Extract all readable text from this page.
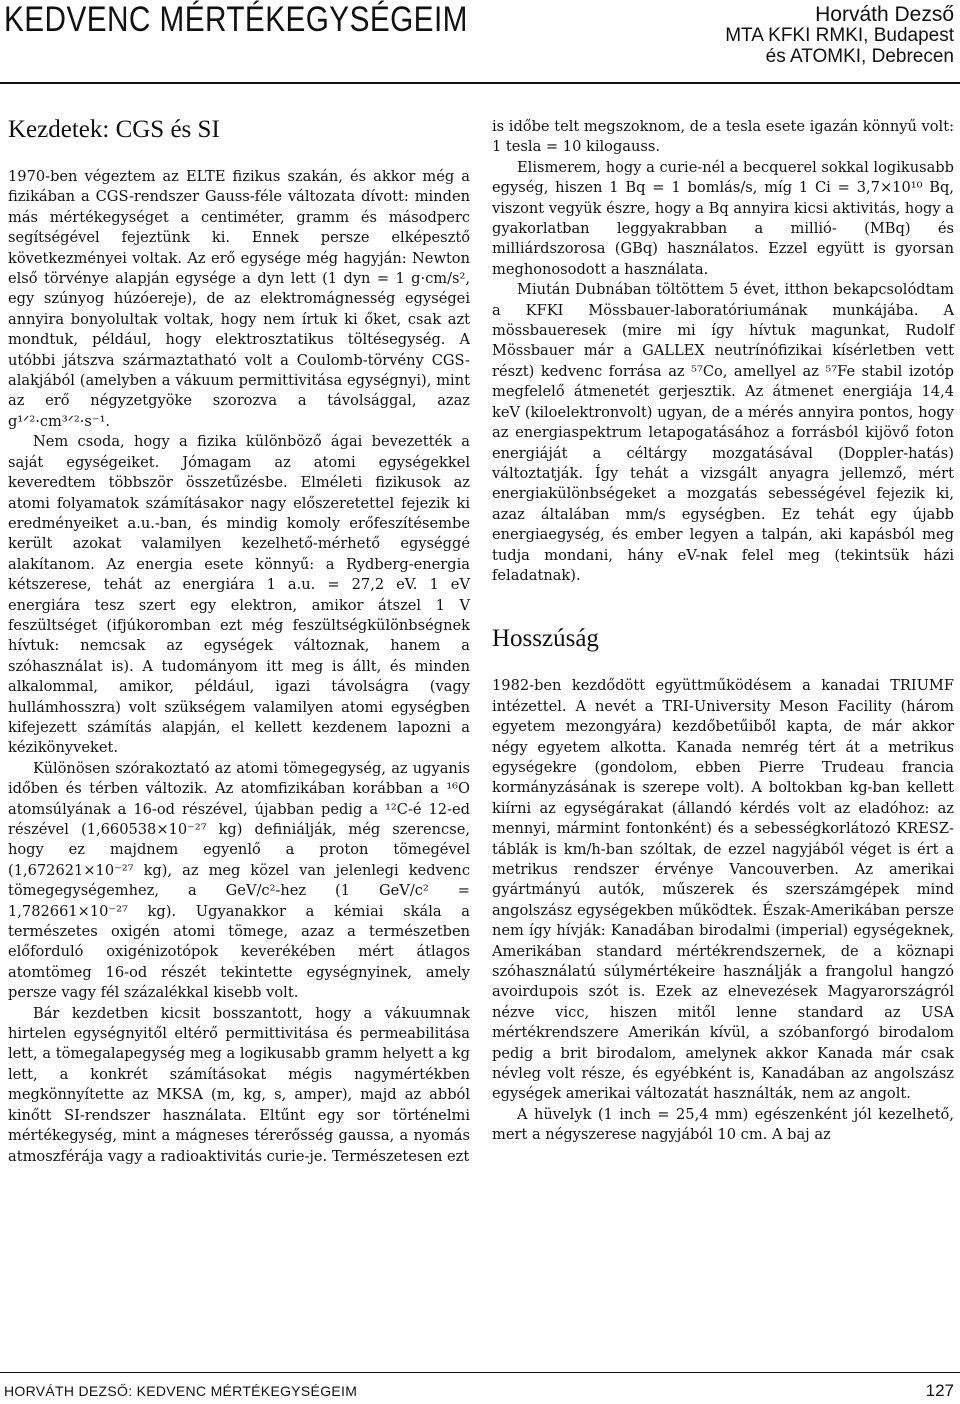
KEDVENC MÉRTÉKEGYSÉGEIM	Horváth Dezső
MTA KFKI RMKI, Budapest
és ATOMKI, Debrecen
Kezdetek: CGS és SI

1970-ben végeztem az ELTE fizikus szakán, és akkor még a fizikában a CGS-rendszer Gauss-féle változata dívott: minden más mértékegységet a centiméter, gramm és másodperc segítségével fejeztünk ki. Ennek persze elképesztő következményei voltak. Az erő egysége még hagyján: Newton első törvénye alapján egysége a dyn lett (1 dyn = 1 g·cm/s², egy szúnyog húzóereje), de az elektromágnesség egységei annyira bonyolultak voltak, hogy nem írtuk ki őket, csak azt mondtuk, például, hogy elektrosztatikus töltésegység. A utóbbi játszva származtatható volt a Coulomb-törvény CGS-alakjából (amelyben a vákuum permittivitása egységnyi), mint az erő négyzetgyöke szorozva a távolsággal, azaz g¹ᐟ²·cm³ᐟ²·s⁻¹.

Nem csoda, hogy a fizika különböző ágai bevezették a saját egységeiket. Jómagam az atomi egységekkel keveredtem többször összetűzésbe. Elméleti fizikusok az atomi folyamatok számításakor nagy előszeretettel fejezik ki eredményeiket a.u.-ban, és mindig komoly erőfeszítésembe került azokat valamilyen kezelhető-mérhető egységgé alakítanom. Az energia esete könnyű: a Rydberg-energia kétszerese, tehát az energiára 1 a.u. = 27,2 eV. 1 eV energiára tesz szert egy elektron, amikor átszel 1 V feszültséget (ifjúkoromban ezt még feszültségkülönbségnek hívtuk: nemcsak az egységek változnak, hanem a szóhasználat is). A tudományom itt meg is állt, és minden alkalommal, amikor, például, igazi távolságra (vagy hullámhosszra) volt szükségem valamilyen atomi egységben kifejezett számítás alapján, el kellett kezdenem lapozni a kézikönyveket.

Különösen szórakoztató az atomi tömegegység, az ugyanis időben és térben változik. Az atomfizikában korábban a ¹⁶O atomsúlyának a 16-od részével, újabban pedig a ¹²C-é 12-ed részével (1,660538×10⁻²⁷ kg) definiálják, még szerencse, hogy ez majdnem egyenlő a proton tömegével (1,672621×10⁻²⁷ kg), az meg közel van jelenlegi kedvenc tömegegységemhez, a GeV/c²-hez (1 GeV/c² = 1,782661×10⁻²⁷ kg). Ugyanakkor a kémiai skála a természetes oxigén atomi tömege, azaz a természetben előforduló oxigénizotópok keverékében mért átlagos atomtömeg 16-od részét tekintette egységnyinek, amely persze vagy fél százalékkal kisebb volt.

Bár kezdetben kicsit bosszantott, hogy a vákuumnak hirtelen egységnyitől eltérő permittivitása és permeabilitása lett, a tömegalapegység meg a logikusabb gramm helyett a kg lett, a konkrét számításokat mégis nagymértékben megkönnyítette az MKSA (m, kg, s, amper), majd az abból kinőtt SI-rendszer használata. Eltűnt egy sor történelmi mértékegység, mint a mágneses térerősség gaussa, a nyomás atmoszférája vagy a radioaktivitás curie-je. Természetesen ezt

is időbe telt megszoknom, de a tesla esete igazán könnyű volt: 1 tesla = 10 kilogauss.

Elismerem, hogy a curie-nél a becquerel sokkal logikusabb egység, hiszen 1 Bq = 1 bomlás/s, míg 1 Ci = 3,7×10¹⁰ Bq, viszont vegyük észre, hogy a Bq annyira kicsi aktivitás, hogy a gyakorlatban leggyakrabban a millió- (MBq) és milliárdszorosa (GBq) használatos. Ezzel együtt is gyorsan meghonosodott a használata.

Miután Dubnában töltöttem 5 évet, itthon bekapcsolódtam a KFKI Mössbauer-laboratóriumának munkájába. A mössbaueresek (mire mi így hívtuk magunkat, Rudolf Mössbauer már a GALLEX neutrínófizikai kísérletben vett részt) kedvenc forrása az ⁵⁷Co, amellyel az ⁵⁷Fe stabil izotóp megfelelő átmenetét gerjesztik. Az átmenet energiája 14,4 keV (kiloelektronvolt) ugyan, de a mérés annyira pontos, hogy az energiaspektrum letapogatásához a forrásból kijövő foton energiáját a céltárgy mozgatásával (Doppler-hatás) változtatják. Így tehát a vizsgált anyagra jellemző, mért energiakülönbségeket a mozgatás sebességével fejezik ki, azaz általában mm/s egységben. Ez tehát egy újabb energiaegység, és ember legyen a talpán, aki kapásból meg tudja mondani, hány eV-nak felel meg (tekintsük házi feladatnak).

Hosszúság

1982-ben kezdődött együttműködésem a kanadai TRIUMF intézettel. A nevét a TRI-University Meson Facility (három egyetem mezongyára) kezdőbetűiből kapta, de már akkor négy egyetem alkotta. Kanada nemrég tért át a metrikus egységekre (gondolom, ebben Pierre Trudeau francia kormányzásának is szerepe volt). A boltokban kg-ban kellett kiírni az egységárakat (állandó kérdés volt az eladóhoz: az mennyi, mármint fontonként) és a sebességkorlátozó KRESZ-táblák is km/h-ban szóltak, de ezzel nagyjából véget is ért a metrikus rendszer érvénye Vancouverben. Az amerikai gyártmányú autók, műszerek és szerszámgépek mind angolszász egységekben működtek. Észak-Amerikában persze nem így hívják: Kanadában birodalmi (imperial) egységeknek, Amerikában standard mértékrendszernek, de a köznapi szóhasználatú súlymértékeire használják a frangolul hangzó avoirdupois szót is. Ezek az elnevezések Magyarországról nézve vicc, hiszen mitől lenne standard az USA mértékrendszere Amerikán kívül, a szóbanforgó birodalom pedig a brit birodalom, amelynek akkor Kanada már csak névleg volt része, és egyébként is, Kanadában az angolszász egységek amerikai változatát használták, nem az angolt.

A hüvelyk (1 inch = 25,4 mm) egészenként jól kezelhető, mert a négyszerese nagyjából 10 cm. A baj az

HORVÁTH DEZSŐ: KEDVENC MÉRTÉKEGYSÉGEIM	127
